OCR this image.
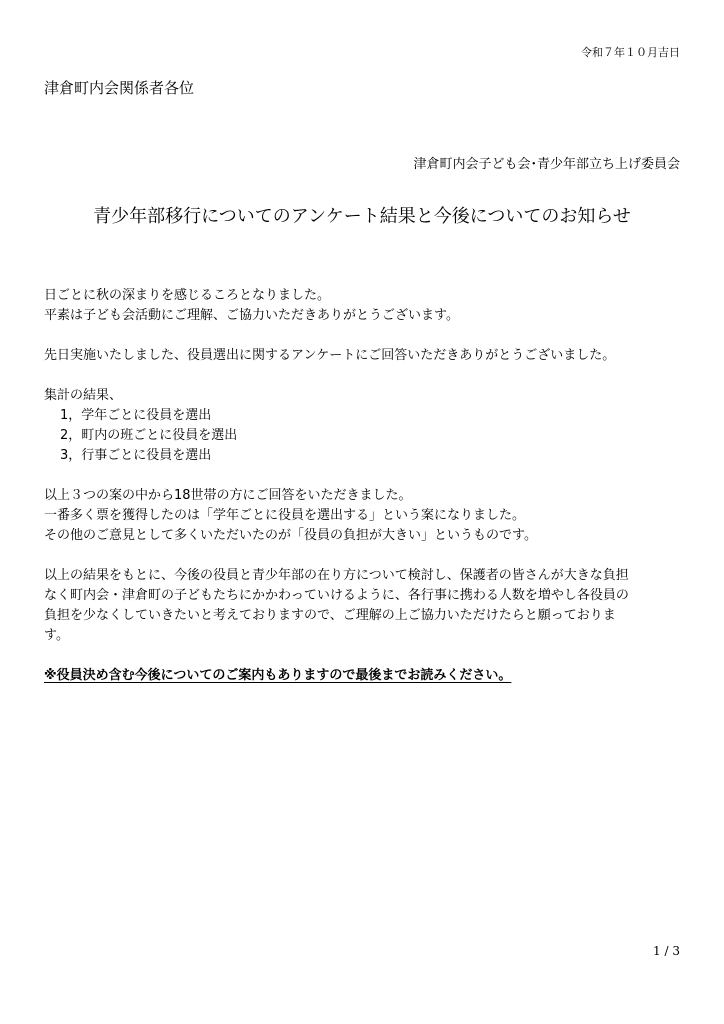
令和７年１０月吉日
津倉町内会関係者各位
津倉町内会子ども会･青少年部立ち上げ委員会
青少年部移行についてのアンケート結果と今後についてのお知らせ

日ごとに秋の深まりを感じるころとなりました。

平素は子ども会活動にご理解、ご協力いただきありがとうございます。

先日実施いたしました、役員選出に関するアンケートにご回答いただきありがとうございました。

集計の結果、

1，学年ごとに役員を選出

2，町内の班ごとに役員を選出

3，行事ごとに役員を選出

以上３つの案の中から18世帯の方にご回答をいただきました。

一番多く票を獲得したのは「学年ごとに役員を選出する」という案になりました。

その他のご意見として多くいただいたのが「役員の負担が大きい」というものです。

以上の結果をもとに、今後の役員と青少年部の在り方について検討し、保護者の皆さんが大きな負担

なく町内会・津倉町の子どもたちにかかわっていけるように、各行事に携わる人数を増やし各役員の

負担を少なくしていきたいと考えておりますので、ご理解の上ご協力いただけたらと願っておりま

す。

※役員決め含む今後についてのご案内もありますので最後までお読みください。

1 / 3
